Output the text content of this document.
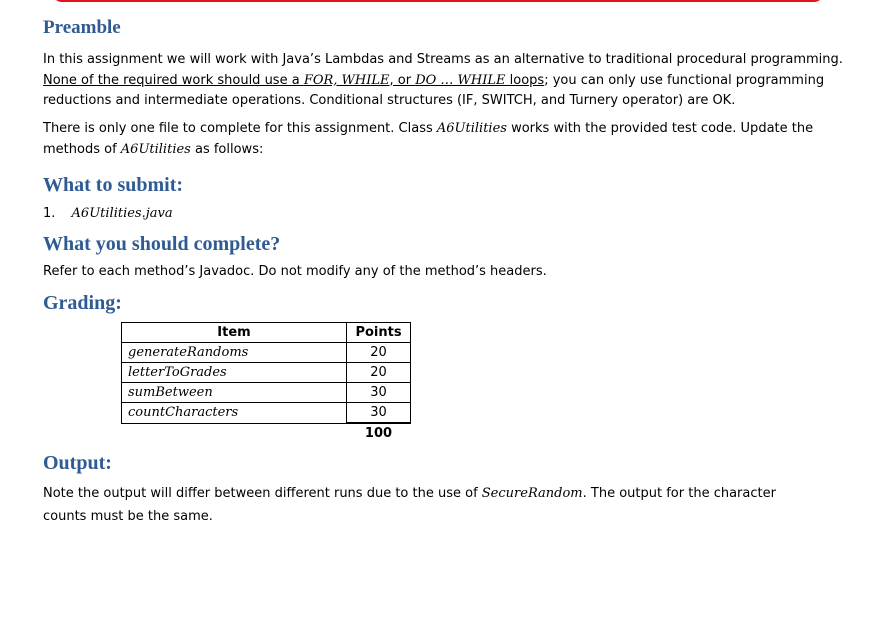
Preamble

In this assignment we will work with Java’s Lambdas and Streams as an alternative to traditional procedural programming.
None of the required work should use a FOR, WHILE, or DO … WHILE loops; you can only use functional programming
reductions and intermediate operations. Conditional structures (IF, SWITCH, and Turnery operator) are OK.

There is only one file to complete for this assignment. Class A6Utilities works with the provided test code. Update the
methods of A6Utilities as follows:

What to submit:

1. A6Utilities.java

What you should complete?

Refer to each method’s Javadoc. Do not modify any of the method’s headers.

Grading:
Item	Points
generateRandoms	20
letterToGrades	20
sumBetween	30
countCharacters	30
	100
Output:

Note the output will differ between different runs due to the use of SecureRandom. The output for the character
counts must be the same.
